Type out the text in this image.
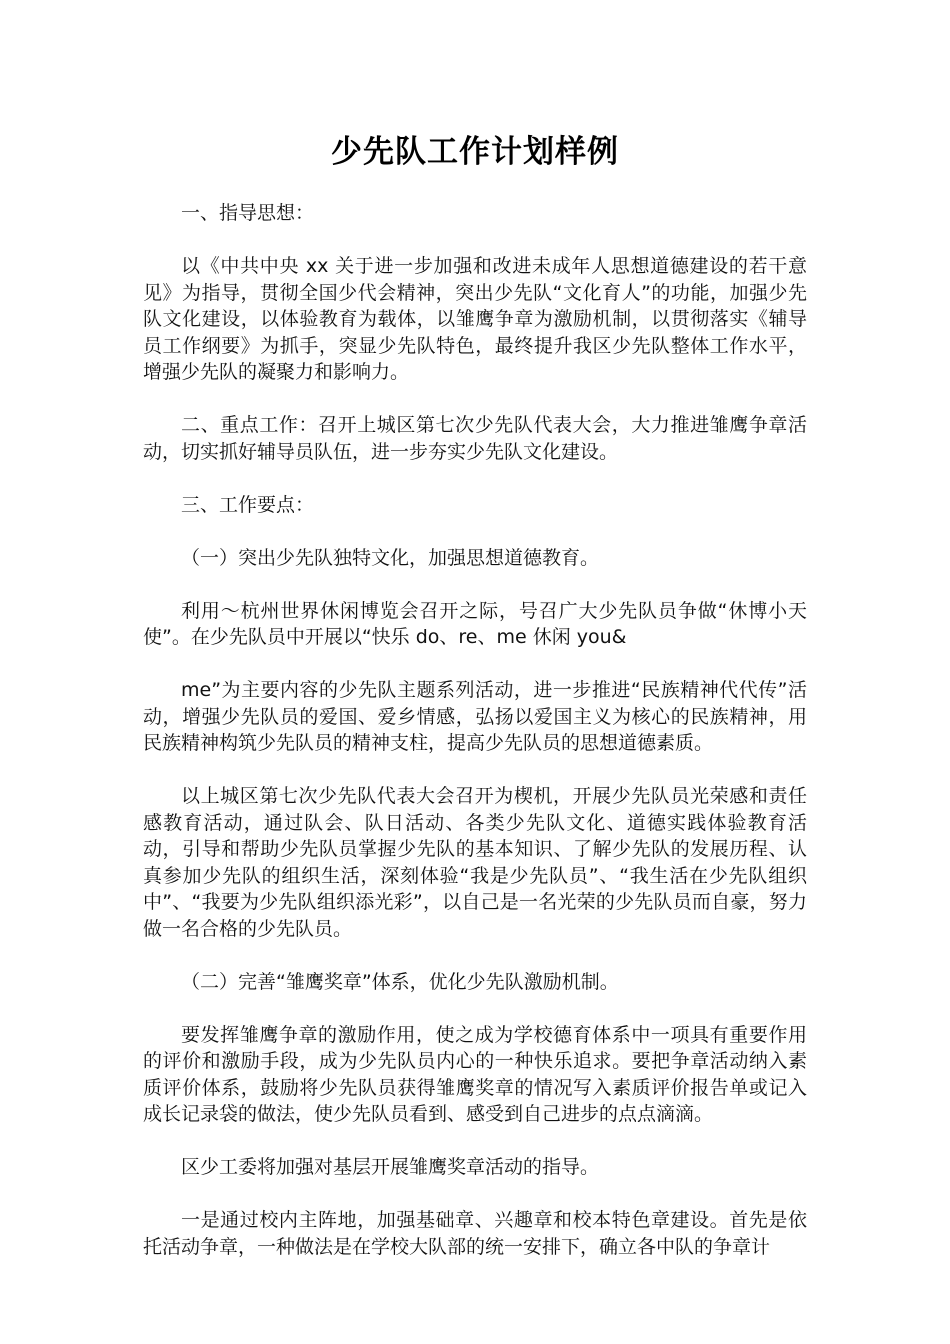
少先队工作计划样例

一、指导思想：

以《中共中央 xx 关于进一步加强和改进未成年人思想道德建设的若干意见》为指导，贯彻全国少代会精神，突出少先队“文化育人”的功能，加强少先队文化建设，以体验教育为载体，以雏鹰争章为激励机制，以贯彻落实《辅导员工作纲要》为抓手，突显少先队特色，最终提升我区少先队整体工作水平，增强少先队的凝聚力和影响力。

二、重点工作：召开上城区第七次少先队代表大会，大力推进雏鹰争章活动，切实抓好辅导员队伍，进一步夯实少先队文化建设。

三、工作要点：

（一）突出少先队独特文化，加强思想道德教育。

利用～杭州世界休闲博览会召开之际，号召广大少先队员争做“休博小天使”。在少先队员中开展以“快乐 do、re、me 休闲 you&

me”为主要内容的少先队主题系列活动，进一步推进“民族精神代代传”活动，增强少先队员的爱国、爱乡情感，弘扬以爱国主义为核心的民族精神，用民族精神构筑少先队员的精神支柱，提高少先队员的思想道德素质。

以上城区第七次少先队代表大会召开为楔机，开展少先队员光荣感和责任感教育活动，通过队会、队日活动、各类少先队文化、道德实践体验教育活动，引导和帮助少先队员掌握少先队的基本知识、了解少先队的发展历程、认真参加少先队的组织生活，深刻体验“我是少先队员”、“我生活在少先队组织中”、“我要为少先队组织添光彩”，以自己是一名光荣的少先队员而自豪，努力做一名合格的少先队员。

（二）完善“雏鹰奖章”体系，优化少先队激励机制。

要发挥雏鹰争章的激励作用，使之成为学校德育体系中一项具有重要作用的评价和激励手段，成为少先队员内心的一种快乐追求。要把争章活动纳入素质评价体系，鼓励将少先队员获得雏鹰奖章的情况写入素质评价报告单或记入成长记录袋的做法，使少先队员看到、感受到自己进步的点点滴滴。

区少工委将加强对基层开展雏鹰奖章活动的指导。

一是通过校内主阵地，加强基础章、兴趣章和校本特色章建设。首先是依托活动争章，一种做法是在学校大队部的统一安排下，确立各中队的争章计
